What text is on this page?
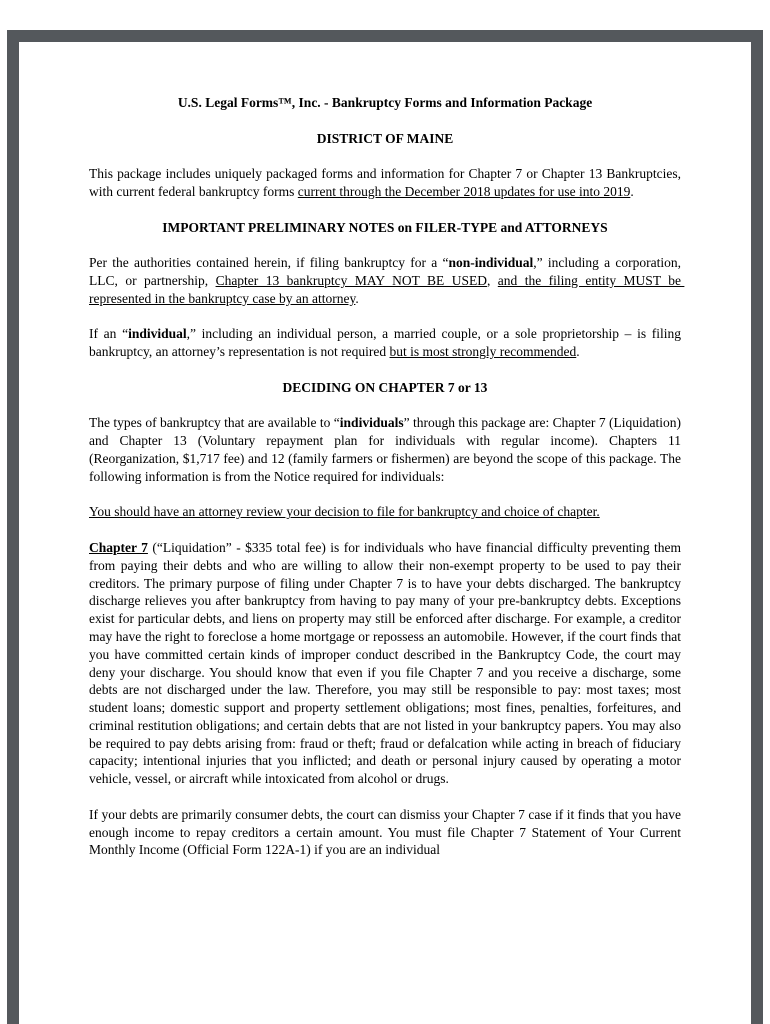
U.S. Legal Forms™, Inc. - Bankruptcy Forms and Information Package
DISTRICT OF MAINE
This package includes uniquely packaged forms and information for Chapter 7 or Chapter 13 Bankruptcies, with current federal bankruptcy forms current through the December 2018 updates for use into 2019.
IMPORTANT PRELIMINARY NOTES on FILER-TYPE and ATTORNEYS
Per the authorities contained herein, if filing bankruptcy for a “non-individual,” including a corporation, LLC, or partnership, Chapter 13 bankruptcy MAY NOT BE USED, and the filing entity MUST be represented in the bankruptcy case by an attorney.
If an “individual,” including an individual person, a married couple, or a sole proprietorship – is filing bankruptcy, an attorney’s representation is not required but is most strongly recommended.
DECIDING ON CHAPTER 7 or 13
The types of bankruptcy that are available to “individuals” through this package are: Chapter 7 (Liquidation) and Chapter 13 (Voluntary repayment plan for individuals with regular income). Chapters 11 (Reorganization, $1,717 fee) and 12 (family farmers or fishermen) are beyond the scope of this package. The following information is from the Notice required for individuals:
You should have an attorney review your decision to file for bankruptcy and choice of chapter.
Chapter 7 (“Liquidation” - $335 total fee) is for individuals who have financial difficulty preventing them from paying their debts and who are willing to allow their non-exempt property to be used to pay their creditors. The primary purpose of filing under Chapter 7 is to have your debts discharged. The bankruptcy discharge relieves you after bankruptcy from having to pay many of your pre-bankruptcy debts. Exceptions exist for particular debts, and liens on property may still be enforced after discharge. For example, a creditor may have the right to foreclose a home mortgage or repossess an automobile. However, if the court finds that you have committed certain kinds of improper conduct described in the Bankruptcy Code, the court may deny your discharge. You should know that even if you file Chapter 7 and you receive a discharge, some debts are not discharged under the law. Therefore, you may still be responsible to pay: most taxes; most student loans; domestic support and property settlement obligations; most fines, penalties, forfeitures, and criminal restitution obligations; and certain debts that are not listed in your bankruptcy papers. You may also be required to pay debts arising from: fraud or theft; fraud or defalcation while acting in breach of fiduciary capacity; intentional injuries that you inflicted; and death or personal injury caused by operating a motor vehicle, vessel, or aircraft while intoxicated from alcohol or drugs.
If your debts are primarily consumer debts, the court can dismiss your Chapter 7 case if it finds that you have enough income to repay creditors a certain amount. You must file Chapter 7 Statement of Your Current Monthly Income (Official Form 122A-1) if you are an individual
